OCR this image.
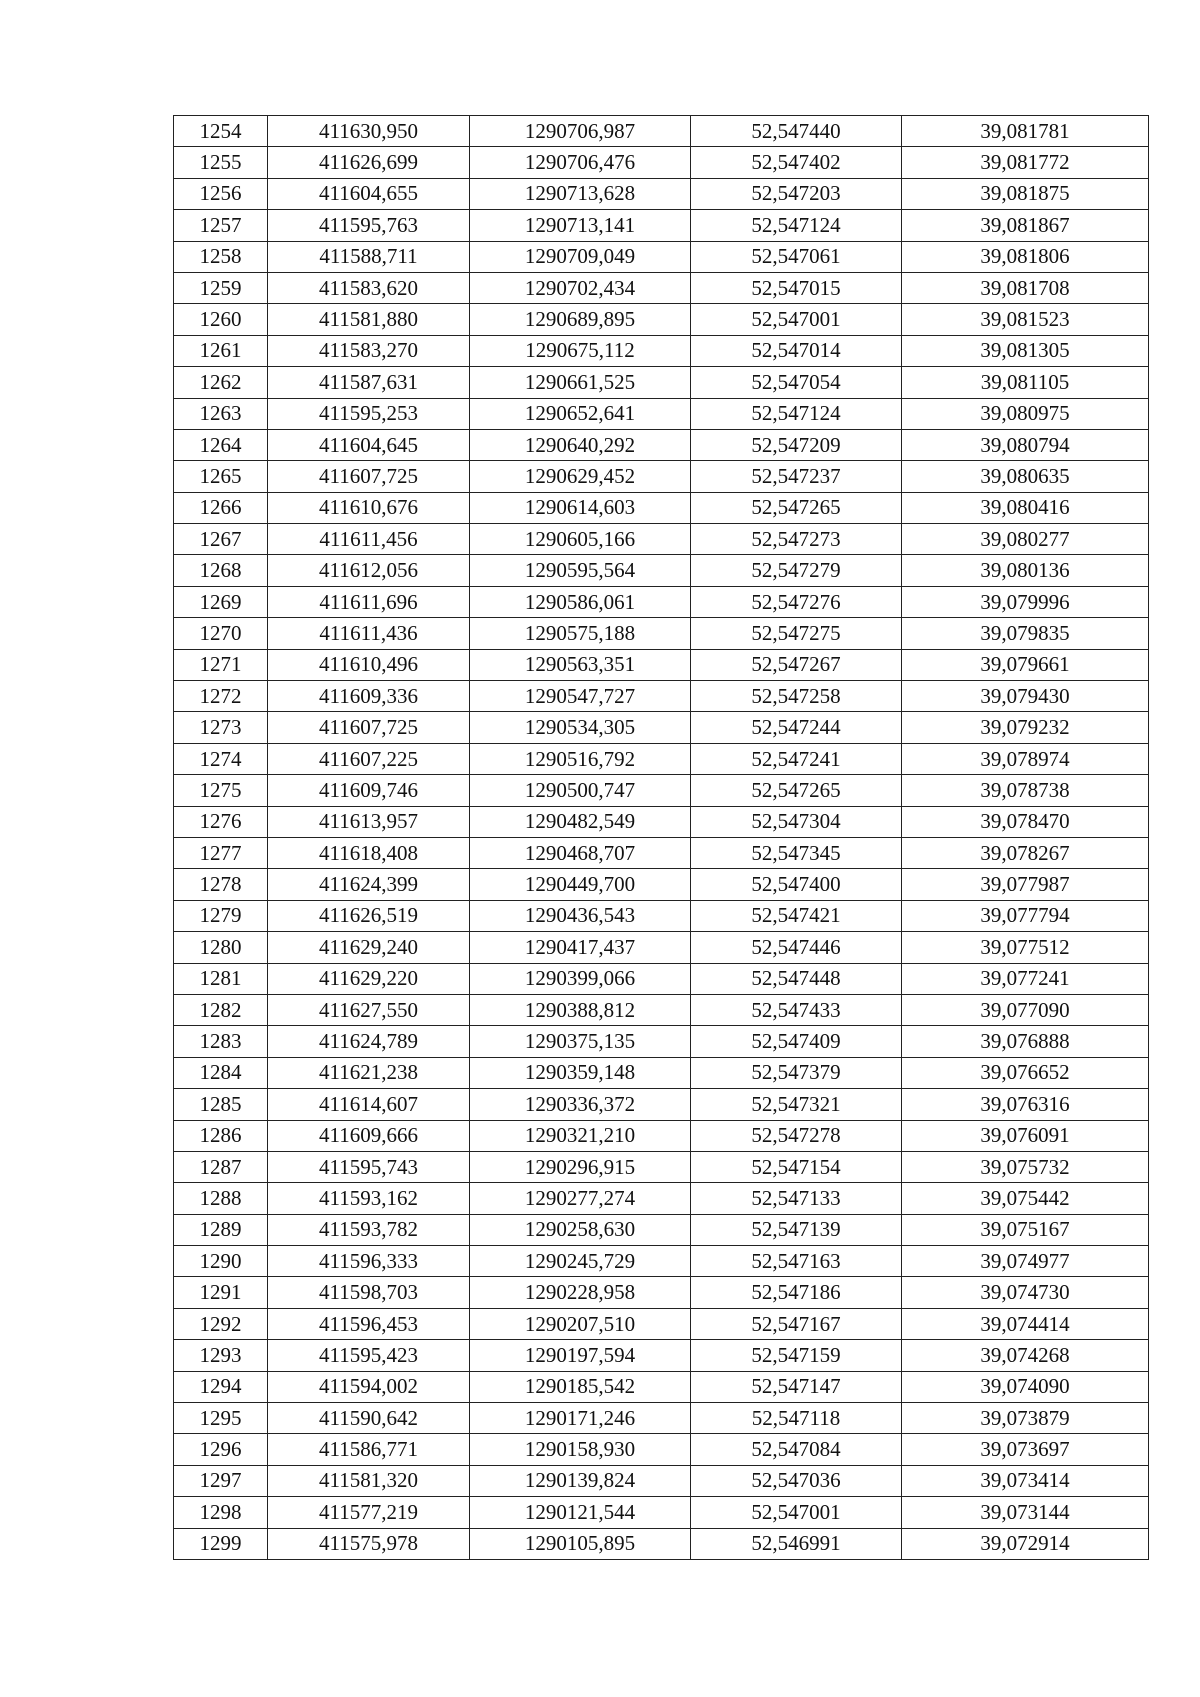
1254	411630,950	1290706,987	52,547440	39,081781
1255	411626,699	1290706,476	52,547402	39,081772
1256	411604,655	1290713,628	52,547203	39,081875
1257	411595,763	1290713,141	52,547124	39,081867
1258	411588,711	1290709,049	52,547061	39,081806
1259	411583,620	1290702,434	52,547015	39,081708
1260	411581,880	1290689,895	52,547001	39,081523
1261	411583,270	1290675,112	52,547014	39,081305
1262	411587,631	1290661,525	52,547054	39,081105
1263	411595,253	1290652,641	52,547124	39,080975
1264	411604,645	1290640,292	52,547209	39,080794
1265	411607,725	1290629,452	52,547237	39,080635
1266	411610,676	1290614,603	52,547265	39,080416
1267	411611,456	1290605,166	52,547273	39,080277
1268	411612,056	1290595,564	52,547279	39,080136
1269	411611,696	1290586,061	52,547276	39,079996
1270	411611,436	1290575,188	52,547275	39,079835
1271	411610,496	1290563,351	52,547267	39,079661
1272	411609,336	1290547,727	52,547258	39,079430
1273	411607,725	1290534,305	52,547244	39,079232
1274	411607,225	1290516,792	52,547241	39,078974
1275	411609,746	1290500,747	52,547265	39,078738
1276	411613,957	1290482,549	52,547304	39,078470
1277	411618,408	1290468,707	52,547345	39,078267
1278	411624,399	1290449,700	52,547400	39,077987
1279	411626,519	1290436,543	52,547421	39,077794
1280	411629,240	1290417,437	52,547446	39,077512
1281	411629,220	1290399,066	52,547448	39,077241
1282	411627,550	1290388,812	52,547433	39,077090
1283	411624,789	1290375,135	52,547409	39,076888
1284	411621,238	1290359,148	52,547379	39,076652
1285	411614,607	1290336,372	52,547321	39,076316
1286	411609,666	1290321,210	52,547278	39,076091
1287	411595,743	1290296,915	52,547154	39,075732
1288	411593,162	1290277,274	52,547133	39,075442
1289	411593,782	1290258,630	52,547139	39,075167
1290	411596,333	1290245,729	52,547163	39,074977
1291	411598,703	1290228,958	52,547186	39,074730
1292	411596,453	1290207,510	52,547167	39,074414
1293	411595,423	1290197,594	52,547159	39,074268
1294	411594,002	1290185,542	52,547147	39,074090
1295	411590,642	1290171,246	52,547118	39,073879
1296	411586,771	1290158,930	52,547084	39,073697
1297	411581,320	1290139,824	52,547036	39,073414
1298	411577,219	1290121,544	52,547001	39,073144
1299	411575,978	1290105,895	52,546991	39,072914
